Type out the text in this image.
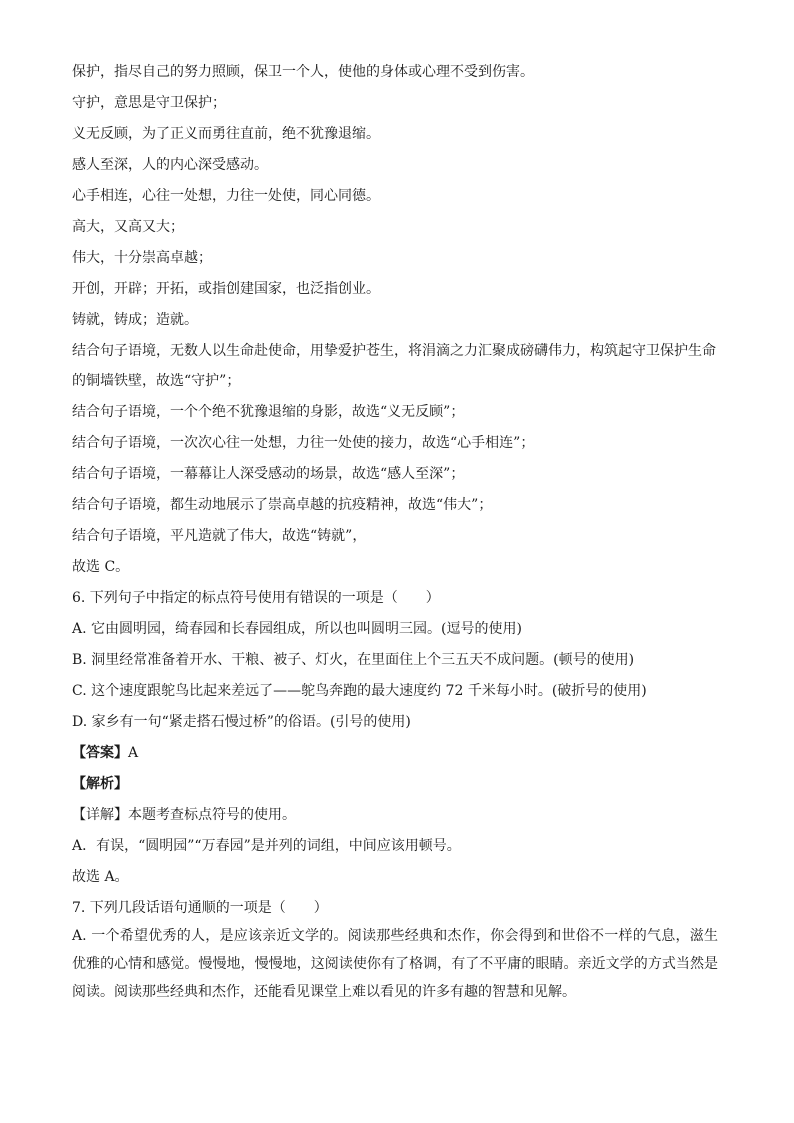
保护，指尽自己的努力照顾，保卫一个人，使他的身体或心理不受到伤害。
守护，意思是守卫保护；
义无反顾，为了正义而勇往直前，绝不犹豫退缩。
感人至深，人的内心深受感动。
心手相连，心往一处想，力往一处使，同心同德。
高大，又高又大；
伟大，十分崇高卓越；
开创，开辟；开拓，或指创建国家，也泛指创业。
铸就，铸成；造就。
结合句子语境，无数人以生命赴使命，用挚爱护苍生，将涓滴之力汇聚成磅礴伟力，构筑起守卫保护生命
的铜墙铁壁，故选“守护”；
结合句子语境，一个个绝不犹豫退缩的身影，故选“义无反顾”；
结合句子语境，一次次心往一处想，力往一处使的接力，故选“心手相连”；
结合句子语境，一幕幕让人深受感动的场景，故选“感人至深”；
结合句子语境，都生动地展示了崇高卓越的抗疫精神，故选“伟大”；
结合句子语境，平凡造就了伟大，故选“铸就”，
故选 C。
6. 下列句子中指定的标点符号使用有错误的一项是（　　）
A. 它由圆明园，绮春园和长春园组成，所以也叫圆明三园。(逗号的使用)
B. 洞里经常准备着开水、干粮、被子、灯火，在里面住上个三五天不成问题。(顿号的使用)
C. 这个速度跟鸵鸟比起来差远了——鸵鸟奔跑的最大速度约 72 千米每小时。(破折号的使用)
D. 家乡有一句“紧走搭石慢过桥”的俗语。(引号的使用)
【答案】A
【解析】
【详解】本题考查标点符号的使用。
A．有误，“圆明园”“万春园”是并列的词组，中间应该用顿号。
故选 A。
7. 下列几段话语句通顺的一项是（　　）
A. 一个希望优秀的人，是应该亲近文学的。阅读那些经典和杰作，你会得到和世俗不一样的气息，滋生优雅的心情和感觉。慢慢地，慢慢地，这阅读使你有了格调，有了不平庸的眼睛。亲近文学的方式当然是阅读。阅读那些经典和杰作，还能看见课堂上难以看见的许多有趣的智慧和见解。
